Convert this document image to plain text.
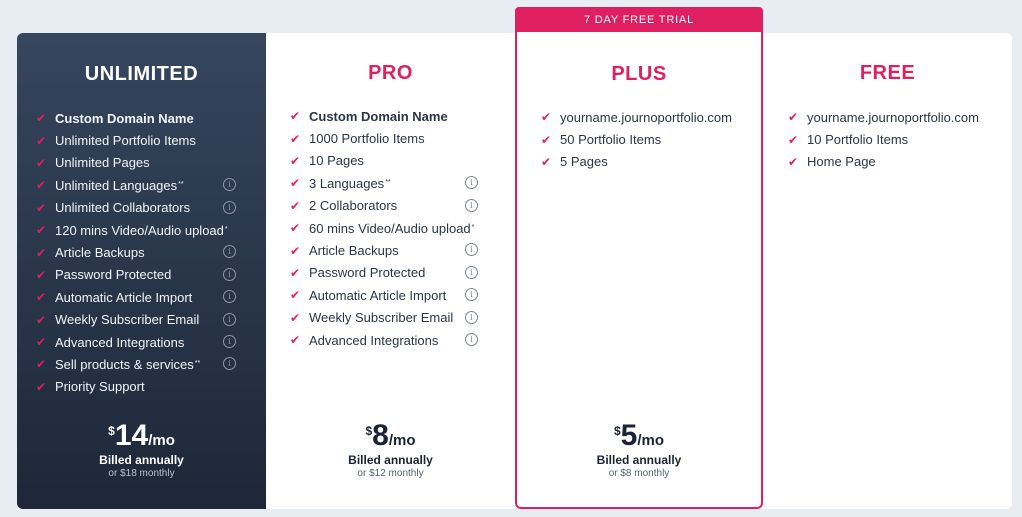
UNLIMITED
✔ Custom Domain Name
✔ Unlimited Portfolio Items
✔ Unlimited Pages
✔ Unlimited Languages **	i
✔ Unlimited Collaborators	i
✔ 120 mins Video/Audio upload *
✔ Article Backups	i
✔ Password Protected	i
✔ Automatic Article Import	i
✔ Weekly Subscriber Email	i
✔ Advanced Integrations	i
✔ Sell products & services **	i
✔ Priority Support
$14/mo
Billed annually
or $18 monthly
PRO
✔ Custom Domain Name
✔ 1000 Portfolio Items
✔ 10 Pages
✔ 3 Languages **	i
✔ 2 Collaborators	i
✔ 60 mins Video/Audio upload *
✔ Article Backups	i
✔ Password Protected	i
✔ Automatic Article Import	i
✔ Weekly Subscriber Email	i
✔ Advanced Integrations	i
$8/mo
Billed annually
or $12 monthly
7 DAY FREE TRIAL
PLUS
✔ yourname.journoportfolio.com
✔ 50 Portfolio Items
✔ 5 Pages
$5/mo
Billed annually
or $8 monthly
FREE
✔ yourname.journoportfolio.com
✔ 10 Portfolio Items
✔ Home Page
